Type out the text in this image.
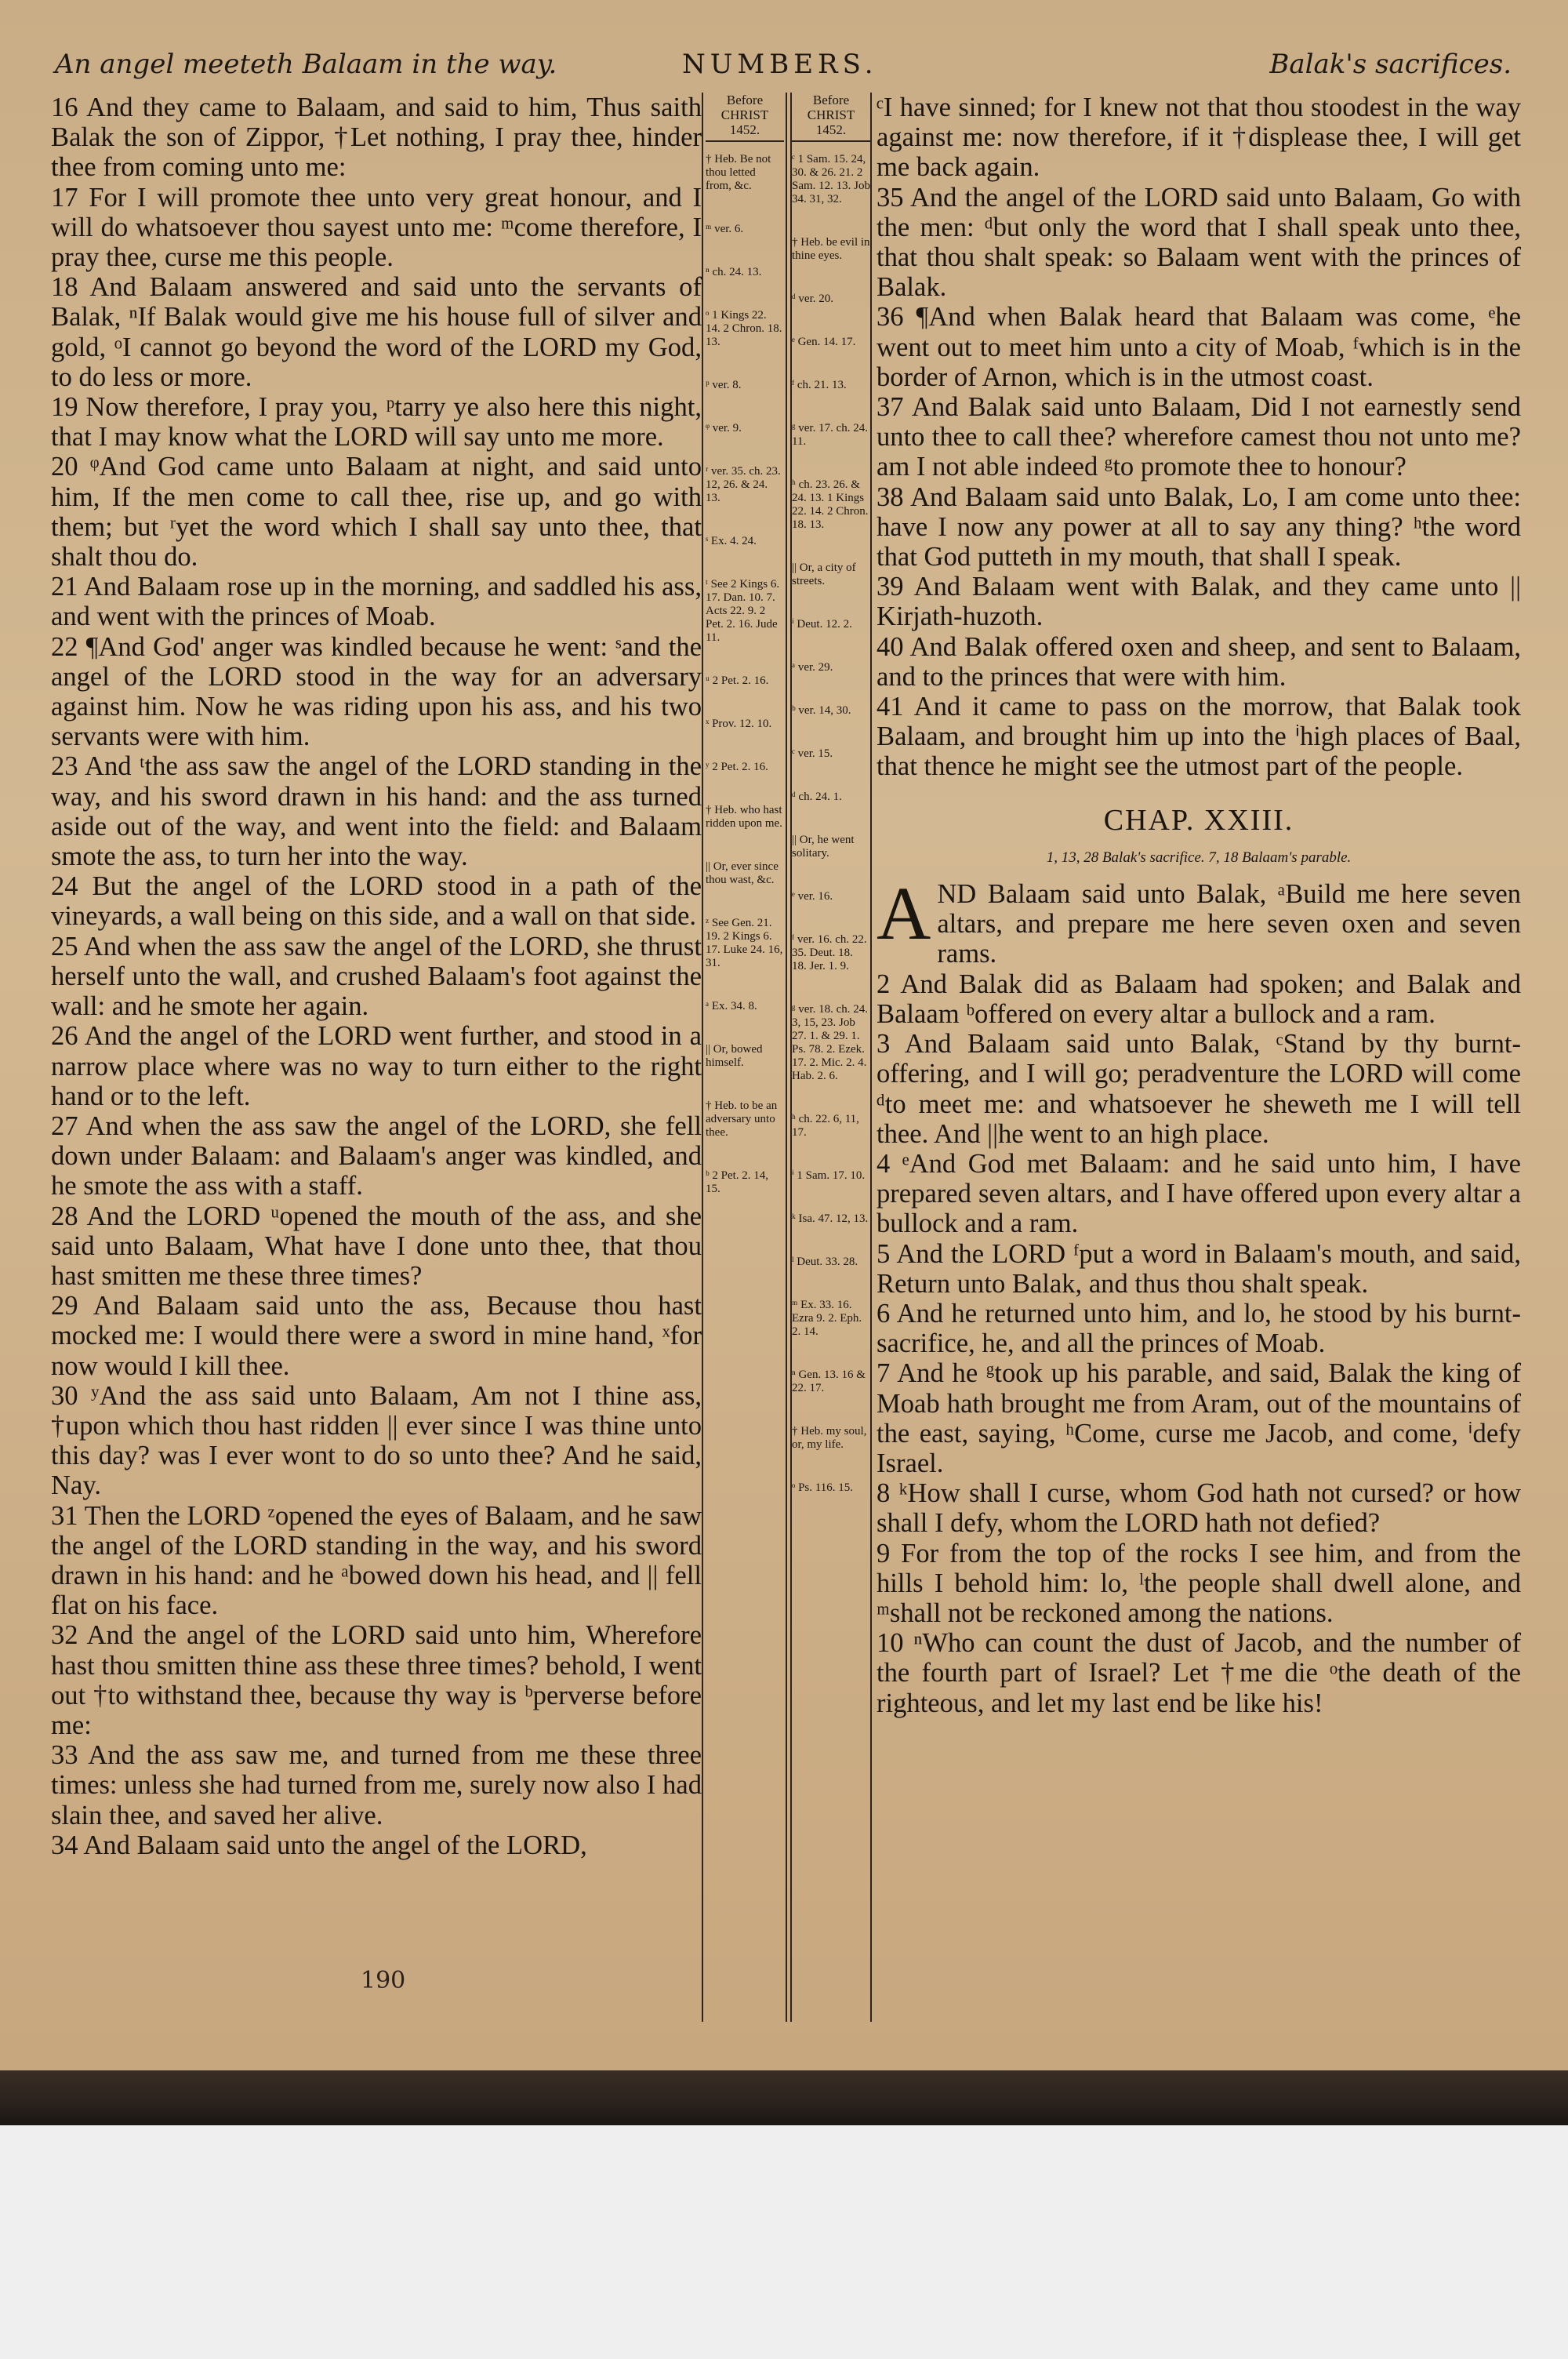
An angel meeteth Balaam in the way.	NUMBERS.	Balak's sacrifices.

16 And they came to Balaam, and said to him, Thus saith Balak the son of Zippor, †Let nothing, I pray thee, hinder thee from coming unto me:

17 For I will promote thee unto very great honour, and I will do whatsoever thou sayest unto me: ᵐcome therefore, I pray thee, curse me this people.

18 And Balaam answered and said unto the servants of Balak, ⁿIf Balak would give me his house full of silver and gold, ᵒI cannot go beyond the word of the LORD my God, to do less or more.

19 Now therefore, I pray you, ᵖtarry ye also here this night, that I may know what the LORD will say unto me more.

20 ᵠAnd God came unto Balaam at night, and said unto him, If the men come to call thee, rise up, and go with them; but ʳyet the word which I shall say unto thee, that shalt thou do.

21 And Balaam rose up in the morning, and saddled his ass, and went with the princes of Moab.

22 ¶And God' anger was kindled because he went: ˢand the angel of the LORD stood in the way for an adversary against him. Now he was riding upon his ass, and his two servants were with him.

23 And ᵗthe ass saw the angel of the LORD standing in the way, and his sword drawn in his hand: and the ass turned aside out of the way, and went into the field: and Balaam smote the ass, to turn her into the way.

24 But the angel of the LORD stood in a path of the vineyards, a wall being on this side, and a wall on that side.

25 And when the ass saw the angel of the LORD, she thrust herself unto the wall, and crushed Balaam's foot against the wall: and he smote her again.

26 And the angel of the LORD went further, and stood in a narrow place where was no way to turn either to the right hand or to the left.

27 And when the ass saw the angel of the LORD, she fell down under Balaam: and Balaam's anger was kindled, and he smote the ass with a staff.

28 And the LORD ᵘopened the mouth of the ass, and she said unto Balaam, What have I done unto thee, that thou hast smitten me these three times?

29 And Balaam said unto the ass, Because thou hast mocked me: I would there were a sword in mine hand, ˣfor now would I kill thee.

30 ʸAnd the ass said unto Balaam, Am not I thine ass, †upon which thou hast ridden || ever since I was thine unto this day? was I ever wont to do so unto thee? And he said, Nay.

31 Then the LORD ᶻopened the eyes of Balaam, and he saw the angel of the LORD standing in the way, and his sword drawn in his hand: and he ᵃbowed down his head, and || fell flat on his face.

32 And the angel of the LORD said unto him, Wherefore hast thou smitten thine ass these three times? behold, I went out †to withstand thee, because thy way is ᵇperverse before me:

33 And the ass saw me, and turned from me these three times: unless she had turned from me, surely now also I had slain thee, and saved her alive.

34 And Balaam said unto the angel of the LORD,

Before CHRIST 1452.

† Heb. Be not thou letted from, &c.

ᵐ ver. 6.

ⁿ ch. 24. 13.

ᵒ 1 Kings 22. 14. 2 Chron. 18. 13.

ᵖ ver. 8.

ᵠ ver. 9.

ʳ ver. 35. ch. 23. 12, 26. & 24. 13.

ˢ Ex. 4. 24.

ᵗ See 2 Kings 6. 17. Dan. 10. 7. Acts 22. 9. 2 Pet. 2. 16. Jude 11.

ᵘ 2 Pet. 2. 16.

ˣ Prov. 12. 10.

ʸ 2 Pet. 2. 16.

† Heb. who hast ridden upon me.

|| Or, ever since thou wast, &c.

ᶻ See Gen. 21. 19. 2 Kings 6. 17. Luke 24. 16, 31.

ᵃ Ex. 34. 8.

|| Or, bowed himself.

† Heb. to be an adversary unto thee.

ᵇ 2 Pet. 2. 14, 15.

Before CHRIST 1452.

ᶜ 1 Sam. 15. 24, 30. & 26. 21. 2 Sam. 12. 13. Job 34. 31, 32.

† Heb. be evil in thine eyes.

ᵈ ver. 20.

ᵉ Gen. 14. 17.

ᶠ ch. 21. 13.

ᵍ ver. 17. ch. 24. 11.

ʰ ch. 23. 26. & 24. 13. 1 Kings 22. 14. 2 Chron. 18. 13.

|| Or, a city of streets.

ⁱ Deut. 12. 2.

ᵃ ver. 29.

ᵇ ver. 14, 30.

ᶜ ver. 15.

ᵈ ch. 24. 1.

|| Or, he went solitary.

ᵉ ver. 16.

ᶠ ver. 16. ch. 22. 35. Deut. 18. 18. Jer. 1. 9.

ᵍ ver. 18. ch. 24. 3, 15, 23. Job 27. 1. & 29. 1. Ps. 78. 2. Ezek. 17. 2. Mic. 2. 4. Hab. 2. 6.

ʰ ch. 22. 6, 11, 17.

ⁱ 1 Sam. 17. 10.

ᵏ Isa. 47. 12, 13.

ˡ Deut. 33. 28.

ᵐ Ex. 33. 16. Ezra 9. 2. Eph. 2. 14.

ⁿ Gen. 13. 16 & 22. 17.

† Heb. my soul, or, my life.

ᵒ Ps. 116. 15.

ᶜI have sinned; for I knew not that thou stoodest in the way against me: now therefore, if it †displease thee, I will get me back again.

35 And the angel of the LORD said unto Balaam, Go with the men: ᵈbut only the word that I shall speak unto thee, that thou shalt speak: so Balaam went with the princes of Balak.

36 ¶And when Balak heard that Balaam was come, ᵉhe went out to meet him unto a city of Moab, ᶠwhich is in the border of Arnon, which is in the utmost coast.

37 And Balak said unto Balaam, Did I not earnestly send unto thee to call thee? wherefore camest thou not unto me? am I not able indeed ᵍto promote thee to honour?

38 And Balaam said unto Balak, Lo, I am come unto thee: have I now any power at all to say any thing? ʰthe word that God putteth in my mouth, that shall I speak.

39 And Balaam went with Balak, and they came unto || Kirjath-huzoth.

40 And Balak offered oxen and sheep, and sent to Balaam, and to the princes that were with him.

41 And it came to pass on the morrow, that Balak took Balaam, and brought him up into the ⁱhigh places of Baal, that thence he might see the utmost part of the people.

CHAP. XXIII.
1, 13, 28 Balak's sacrifice. 7, 18 Balaam's parable.

AND Balaam said unto Balak, ᵃBuild me here seven altars, and prepare me here seven oxen and seven rams.

2 And Balak did as Balaam had spoken; and Balak and Balaam ᵇoffered on every altar a bullock and a ram.

3 And Balaam said unto Balak, ᶜStand by thy burnt-offering, and I will go; peradventure the LORD will come ᵈto meet me: and whatsoever he sheweth me I will tell thee. And ||he went to an high place.

4 ᵉAnd God met Balaam: and he said unto him, I have prepared seven altars, and I have offered upon every altar a bullock and a ram.

5 And the LORD ᶠput a word in Balaam's mouth, and said, Return unto Balak, and thus thou shalt speak.

6 And he returned unto him, and lo, he stood by his burnt-sacrifice, he, and all the princes of Moab.

7 And he ᵍtook up his parable, and said, Balak the king of Moab hath brought me from Aram, out of the mountains of the east, saying, ʰCome, curse me Jacob, and come, ⁱdefy Israel.

8 ᵏHow shall I curse, whom God hath not cursed? or how shall I defy, whom the LORD hath not defied?

9 For from the top of the rocks I see him, and from the hills I behold him: lo, ˡthe people shall dwell alone, and ᵐshall not be reckoned among the nations.

10 ⁿWho can count the dust of Jacob, and the number of the fourth part of Israel? Let †me die ᵒthe death of the righteous, and let my last end be like his!

190
